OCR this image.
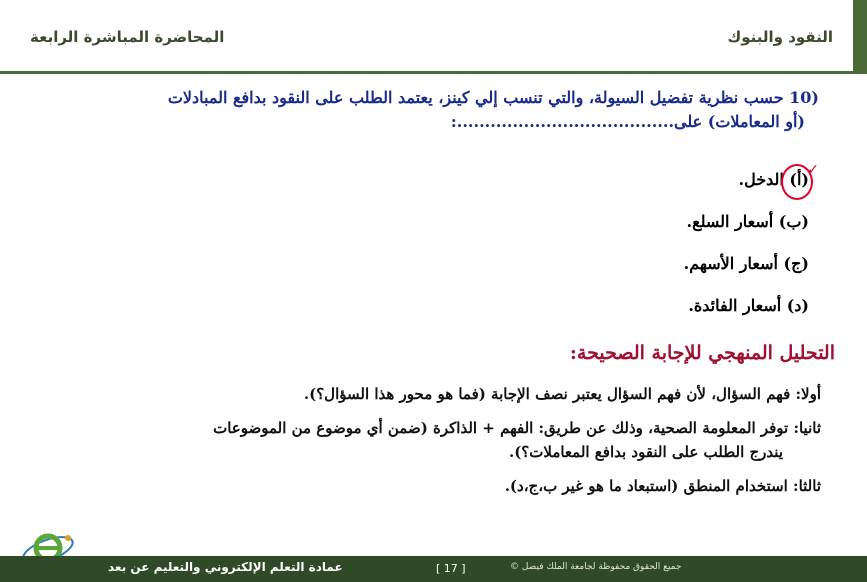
النقود والبنوك
المحاضرة المباشرة الرابعة
(10 حسب نظرية تفضيل السيولة، والتي تنسب إلي كينز، يعتمد الطلب على النقود بدافع المبادلات
(أو المعاملات) على.......................................:
✓
(أ) الدخل.
(ب) أسعار السلع.
(ج) أسعار الأسهم.
(د) أسعار الفائدة.
التحليل المنهجي للإجابة الصحيحة:
أولا: فهم السؤال، لأن فهم السؤال يعتبر نصف الإجابة (فما هو محور هذا السؤال؟).
ثانيا: توفر المعلومة الصحية، وذلك عن طريق: الفهم + الذاكرة (ضمن أي موضوع من الموضوعات
يندرج الطلب على النقود بدافع المعاملات؟).
ثالثا: استخدام المنطق (استبعاد ما هو غير ب،ج،د).
عمادة التعلم الإلكتروني والتعليم عن بعد	[ 17 ]	جميع الحقوق محفوظة لجامعة الملك فيصل ©
